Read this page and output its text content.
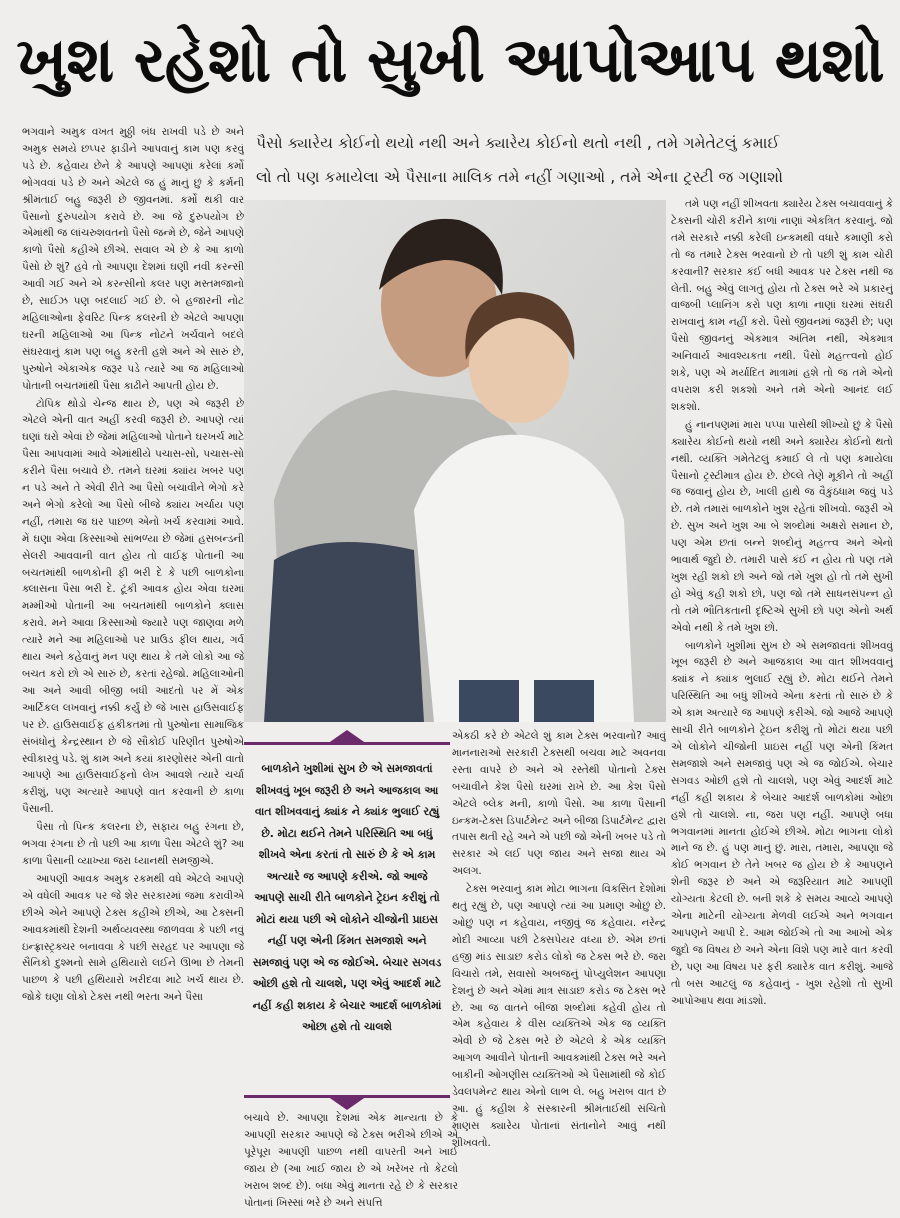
ખુશ રહેશો તો સુખી આપોઆપ થશો
પૈસો ક્યારેય કોઈનો થયો નથી અને ક્યારેય કોઈનો થતો નથી , તમે ગમેતેટલું કમાઈ
લો તો પણ કમાયેલા એ પૈસાના માલિક તમે નહીં ગણાઓ , તમે એના ટ્રસ્ટી જ ગણાશો

ભગવાને અમુક વખત મુઠ્ઠી બંધ રાખવી પડે છે અને અમુક સમયે છપ્પર ફાડીને આપવાનું કામ પણ કરવું પડે છે. કહેવાય છેને કે આપણે આપણાં કરેલાં કર્મો ભોગવવાં પડે છે અને એટલે જ હું માનું છું કે કર્મની શ્રીમંતાઈ બહુ જરૂરી છે જીવનમાં. કર્મો થકી વાર પૈસાનો દુરુપયોગ કરાવે છે. આ જે દુરુપયોગ છે એમાંથી જ લાંચરુશવતનો પૈસો જન્મે છે, જેને આપણે કાળો પૈસો કહીએ છીએ. સવાલ એ છે કે આ કાળો પૈસો છે શું? હવે તો આપણા દેશમાં ઘણી નવી કરન્સી આવી ગઈ અને એ કરન્સીનો કલર પણ મસ્તમજાનો છે, સાઈઝ પણ બદલાઈ ગઈ છે. બે હજારની નોટ મહિલાઓના ફેવરિટ પિન્ક કલરની છે એટલે આપણા ઘરની મહિલાઓ આ પિન્ક નોટને ખર્ચવાને બદલે સંઘરવાનું કામ પણ બહુ કરતી હશે અને એ સારું છે, પુરુષોને એકાએક જરૂર પડે ત્યારે આ જ મહિલાઓ પોતાની બચતમાંથી પૈસા કાઢીને આપતી હોય છે.

ટોપિક થોડો ચેન્જ થાય છે, પણ એ જરૂરી છે એટલે એની વાત અહીં કરવી જરૂરી છે. આપણે ત્યાં ઘણાં ઘરો એવાં છે જેમાં મહિલાઓ પોતાને ઘરખર્ચ માટે પૈસા આપવામાં આવે એમાંથીયે પચાસ-સો, પચાસ-સો કરીને પૈસા બચાવે છે. તમને ઘરમાં ક્યાંય ખબર પણ ન પડે અને તે એવી રીતે આ પૈસો બચાવીને ભેગો કરે અને ભેગો કરેલો આ પૈસો બીજે ક્યાંય ખર્ચાય પણ નહીં, તમારા જ ઘર પાછળ એનો ખર્ચ કરવામાં આવે. મેં ઘણા એવા કિસ્સાઓ સાંભળ્યા છે જેમાં હસબન્ડની સેલરી આવવાની વાત હોય તો વાઈફ પોતાની આ બચતમાંથી બાળકોની ફી ભરી દે કે પછી બાળકોના ક્લાસના પૈસા ભરી દે. ટૂંકી આવક હોય એવા ઘરમાં મમ્મીઓ પોતાની આ બચતમાંથી બાળકોને ક્લાસ કરાવે. મને આવા કિસ્સાઓ જ્યારે પણ જાણવા મળે ત્યારે મને આ મહિલાઓ પર પ્રાઉડ ફીલ થાય, ગર્વ થાય અને કહેવાનું મન પણ થાય કે તમે લોકો આ જે બચત કરો છો એ સારું છે, કરતાં રહેજો. મહિલાઓની આ અને આવી બીજી બધી આદતો પર મેં એક આર્ટિકલ લખવાનું નક્કી કર્યું છે જે ખાસ હાઉસવાઈફ પર છે. હાઉસવાઈફ હકીકતમાં તો પુરુષોના સામાજિક સંબંધોનું કેન્દ્રસ્થાન છે જે સૌકોઈ પરિણીત પુરુષોએ સ્વીકારવું પડે. શું કામ અને કયાં કારણોસર એની વાતો આપણે આ હાઉસવાઈફનો લેખ આવશે ત્યારે ચર્ચા કરીશું, પણ અત્યારે આપણે વાત કરવાની છે કાળા પૈસાની.

પૈસા તો પિન્ક કલરના છે, સફાય બહુ રંગના છે, ભગવા રંગના છે તો પછી આ કાળા પૈસા એટલે શું? આ કાળા પૈસાની વ્યાખ્યા જરા ધ્યાનથી સમજીએ.

આપણી આવક અમુક રકમથી વધે એટલે આપણે એ વધેલી આવક પર જે શેર સરકારમાં જમા કરાવીએ છીએ એને આપણે ટેક્સ કહીએ છીએ, આ ટેક્સની આવકમાંથી દેશની અર્થવ્યવસ્થા જાળવવા કે પછી નવું ઇન્ફ્રાસ્ટ્રક્ચર બનાવવા કે પછી સરહદ પર આપણા જે સૈનિકો દુશ્મનો સામે હથિયારો લઈને ઊભા છે તેમની પાછળ કે પછી હથિયારો ખરીદવા માટે ખર્ચ થાય છે. જોકે ઘણા લોકો ટેક્સ નથી ભરતા અને પૈસા

બાળકોને ખુશીમાં સુખ છે એ સમજાવતાં શીખવવું ખૂબ જરૂરી છે અને આજકાલ આ વાત શીખવવાનું ક્યાંક ને ક્યાંક ભુલાઈ રહ્યું છે. મોટા થઈને તેમને પરિસ્થિતિ આ બધું શીખવે એના કરતાં તો સારું છે કે એ કામ અત્યારે જ આપણે કરીએ. જો આજે આપણે સાચી રીતે બાળકોને ટ્રેઇન કરીશું તો મોટાં થયા પછી એ લોકોને ચીજોની પ્રાઇસ નહીં પણ એની કિંમત સમજાશે અને સમજાવું પણ એ જ જોઈએ. બેચાર સગવડ ઓછી હશે તો ચાલશે, પણ એવું આદર્શ માટે નહીં કહી શકાય કે બેચાર આદર્શ બાળકોમાં ઓછા હશે તો ચાલશે

એકઠી કરે છે એટલે શું કામ ટેક્સ ભરવાનો? આવું માનનારાઓ સરકારી ટેક્સથી બચવા માટે અવનવા રસ્તા વાપરે છે અને એ રસ્તેથી પોતાનો ટેક્સ બચાવીને કેશ પૈસો ઘરમાં રાખે છે. આ કેશ પૈસો એટલે બ્લેક મની, કાળો પૈસો. આ કાળા પૈસાની ઇન્કમ-ટેક્સ ડિપાર્ટમેન્ટ અને બીજા ડિપાર્ટમેન્ટ દ્વારા તપાસ થતી રહે અને એ પછી જો એની ખબર પડે તો સરકાર એ લઈ પણ જાય અને સજા થાય એ અલગ.

ટેક્સ ભરવાનું કામ મોટા ભાગના વિકસિત દેશોમાં થતું રહ્યું છે, પણ આપણે ત્યાં આ પ્રમાણ ઓછું છે. ઓછું પણ ન કહેવાય, નજીવું જ કહેવાય. નરેન્દ્ર મોદી આવ્યા પછી ટેક્સપેયર વધ્યા છે. એમ છતાં હજી માંડ સાડાછ કરોડ લોકો જ ટેક્સ ભરે છે. જરા વિચારો તમે, સવાસો અબજનું પોપ્યુલેશન આપણા દેશનું છે અને એમાં માત્ર સાડાછ કરોડ જ ટેક્સ ભરે છે. આ જ વાતને બીજા શબ્દોમાં કહેવી હોય તો એમ કહેવાય કે વીસ વ્યક્તિએ એક જ વ્યક્તિ એવી છે જે ટેક્સ ભરે છે એટલે કે એક વ્યક્તિ આગળ આવીને પોતાની આવકમાંથી ટેક્સ ભરે અને બાકીની ઓગણીસ વ્યક્તિઓ એ પૈસામાંથી જે કોઈ ડેવલપમેન્ટ થાય એનો લાભ લે. બહુ ખરાબ વાત છે આ. હું કહીશ કે સંસ્કારની શ્રીમંતાઈથી સંચિતો માણસ ક્યારેય પોતાનાં સંતાનોને આવું નથી શીખવતો.

બચાવે છે. આપણા દેશમાં એક માન્યતા છે કે આપણી સરકાર આપણે જે ટેક્સ ભરીએ છીએ એ પૂરેપૂરા આપણી પાછળ નથી વાપરતી અને ખાઈ જાય છે (આ ખાઈ જાય છે એ ખરેખર તો કેટલો ખરાબ શબ્દ છે). બધા એવું માનતા રહે છે કે સરકાર પોતાનાં ખિસ્સાં ભરે છે અને સંપત્તિ

તમે પણ નહીં શીખવતા ક્યારેય ટેક્સ બચાવવાનું કે ટેક્સની ચોરી કરીને કાળાં નાણાં એકત્રિત કરવાનું. જો તમે સરકારે નક્કી કરેલી ઇન્કમથી વધારે કમાણી કરો તો જ તમારે ટેક્સ ભરવાનો છે તો પછી શું કામ ચોરી કરવાની? સરકાર કંઈ બધી આવક પર ટેક્સ નથી જ લેતી. બહુ એવું લાગતું હોય તો ટેક્સ ભરે એ પ્રકારનું વાજબી પ્લાનિંગ કરો પણ કાળાં નાણાં ઘરમાં સંઘરી રાખવાનું કામ નહીં કરો. પૈસો જીવનમાં જરૂરી છે; પણ પૈસો જીવનનું એકમાત્ર અંતિમ નથી, એકમાત્ર અનિવાર્ય આવશ્યકતા નથી. પૈસો મહત્ત્વનો હોઈ શકે, પણ એ મર્યાદિત માત્રામાં હશે તો જ તમે એનો વપરાશ કરી શકશો અને તમે એનો આનંદ લઈ શકશો.

હું નાનપણમાં મારા પપ્પા પાસેથી શીખ્યો છું કે પૈસો ક્યારેય કોઈનો થયો નથી અને ક્યારેય કોઈનો થતો નથી. વ્યક્તિ ગમેતેટલું કમાઈ લે તો પણ કમાયેલા પૈસાનો ટ્રસ્ટીમાત્ર હોય છે. છેલ્લે તેણે મૂકીને તો અહીં જ જવાનું હોય છે, ખાલી હાથે જ વૈકુંઠધામ જવું પડે છે. તમે તમારાં બાળકોને ખુશ રહેતાં શીખવો. જરૂરી એ છે. સુખ અને ખુશ આ બે શબ્દોમાં અક્ષરો સમાન છે, પણ એમ છતાં બન્ને શબ્દોનું મહત્ત્વ અને એનો ભાવાર્થ જુદો છે. તમારી પાસે કંઈ ન હોય તો પણ તમે ખુશ રહી શકો છો અને જો તમે ખુશ હો તો તમે સુખી હો એવું કહી શકો છો, પણ જો તમે સાધનસંપન્ન હો તો તમે ભૌતિકતાની દૃષ્ટિએ સુખી છો પણ એનો અર્થ એવો નથી કે તમે ખુશ છો.

બાળકોને ખુશીમાં સુખ છે એ સમજાવતાં શીખવવું ખૂબ જરૂરી છે અને આજકાલ આ વાત શીખવવાનું ક્યાંક ને ક્યાંક ભુલાઈ રહ્યું છે. મોટા થઈને તેમને પરિસ્થિતિ આ બધું શીખવે એના કરતાં તો સારું છે કે એ કામ અત્યારે જ આપણે કરીએ. જો આજે આપણે સાચી રીતે બાળકોને ટ્રેઇન કરીશું તો મોટાં થયા પછી એ લોકોને ચીજોની પ્રાઇસ નહીં પણ એની કિંમત સમજાશે અને સમજાવું પણ એ જ જોઈએ. બેચાર સગવડ ઓછી હશે તો ચાલશે, પણ એવું આદર્શ માટે નહીં કહી શકાય કે બેચાર આદર્શ બાળકોમાં ઓછા હશે તો ચાલશે. ના, જરા પણ નહીં. આપણે બધા ભગવાનમાં માનતા હોઈએ છીએ. મોટા ભાગના લોકો માને જ છે. હું પણ માનું છું. મારા, તમારા, આપણા જે કોઈ ભગવાન છે તેને ખબર જ હોય છે કે આપણને શેની જરૂર છે અને એ જરૂરિયાત માટે આપણી યોગ્યતા કેટલી છે. બની શકે કે સમય આવ્યે આપણે એના માટેની યોગ્યતા મેળવી લઈએ અને ભગવાન આપણને આપી દે. આમ જોઈએ તો આ આખો એક જુદો જ વિષય છે અને એના વિશે પણ મારે વાત કરવી છે, પણ આ વિષય પર ફરી ક્યારેક વાત કરીશું. આજે તો બસ આટલું જ કહેવાનું - ખુશ રહેશો તો સુખી આપોઆપ થવા માંડશો.
